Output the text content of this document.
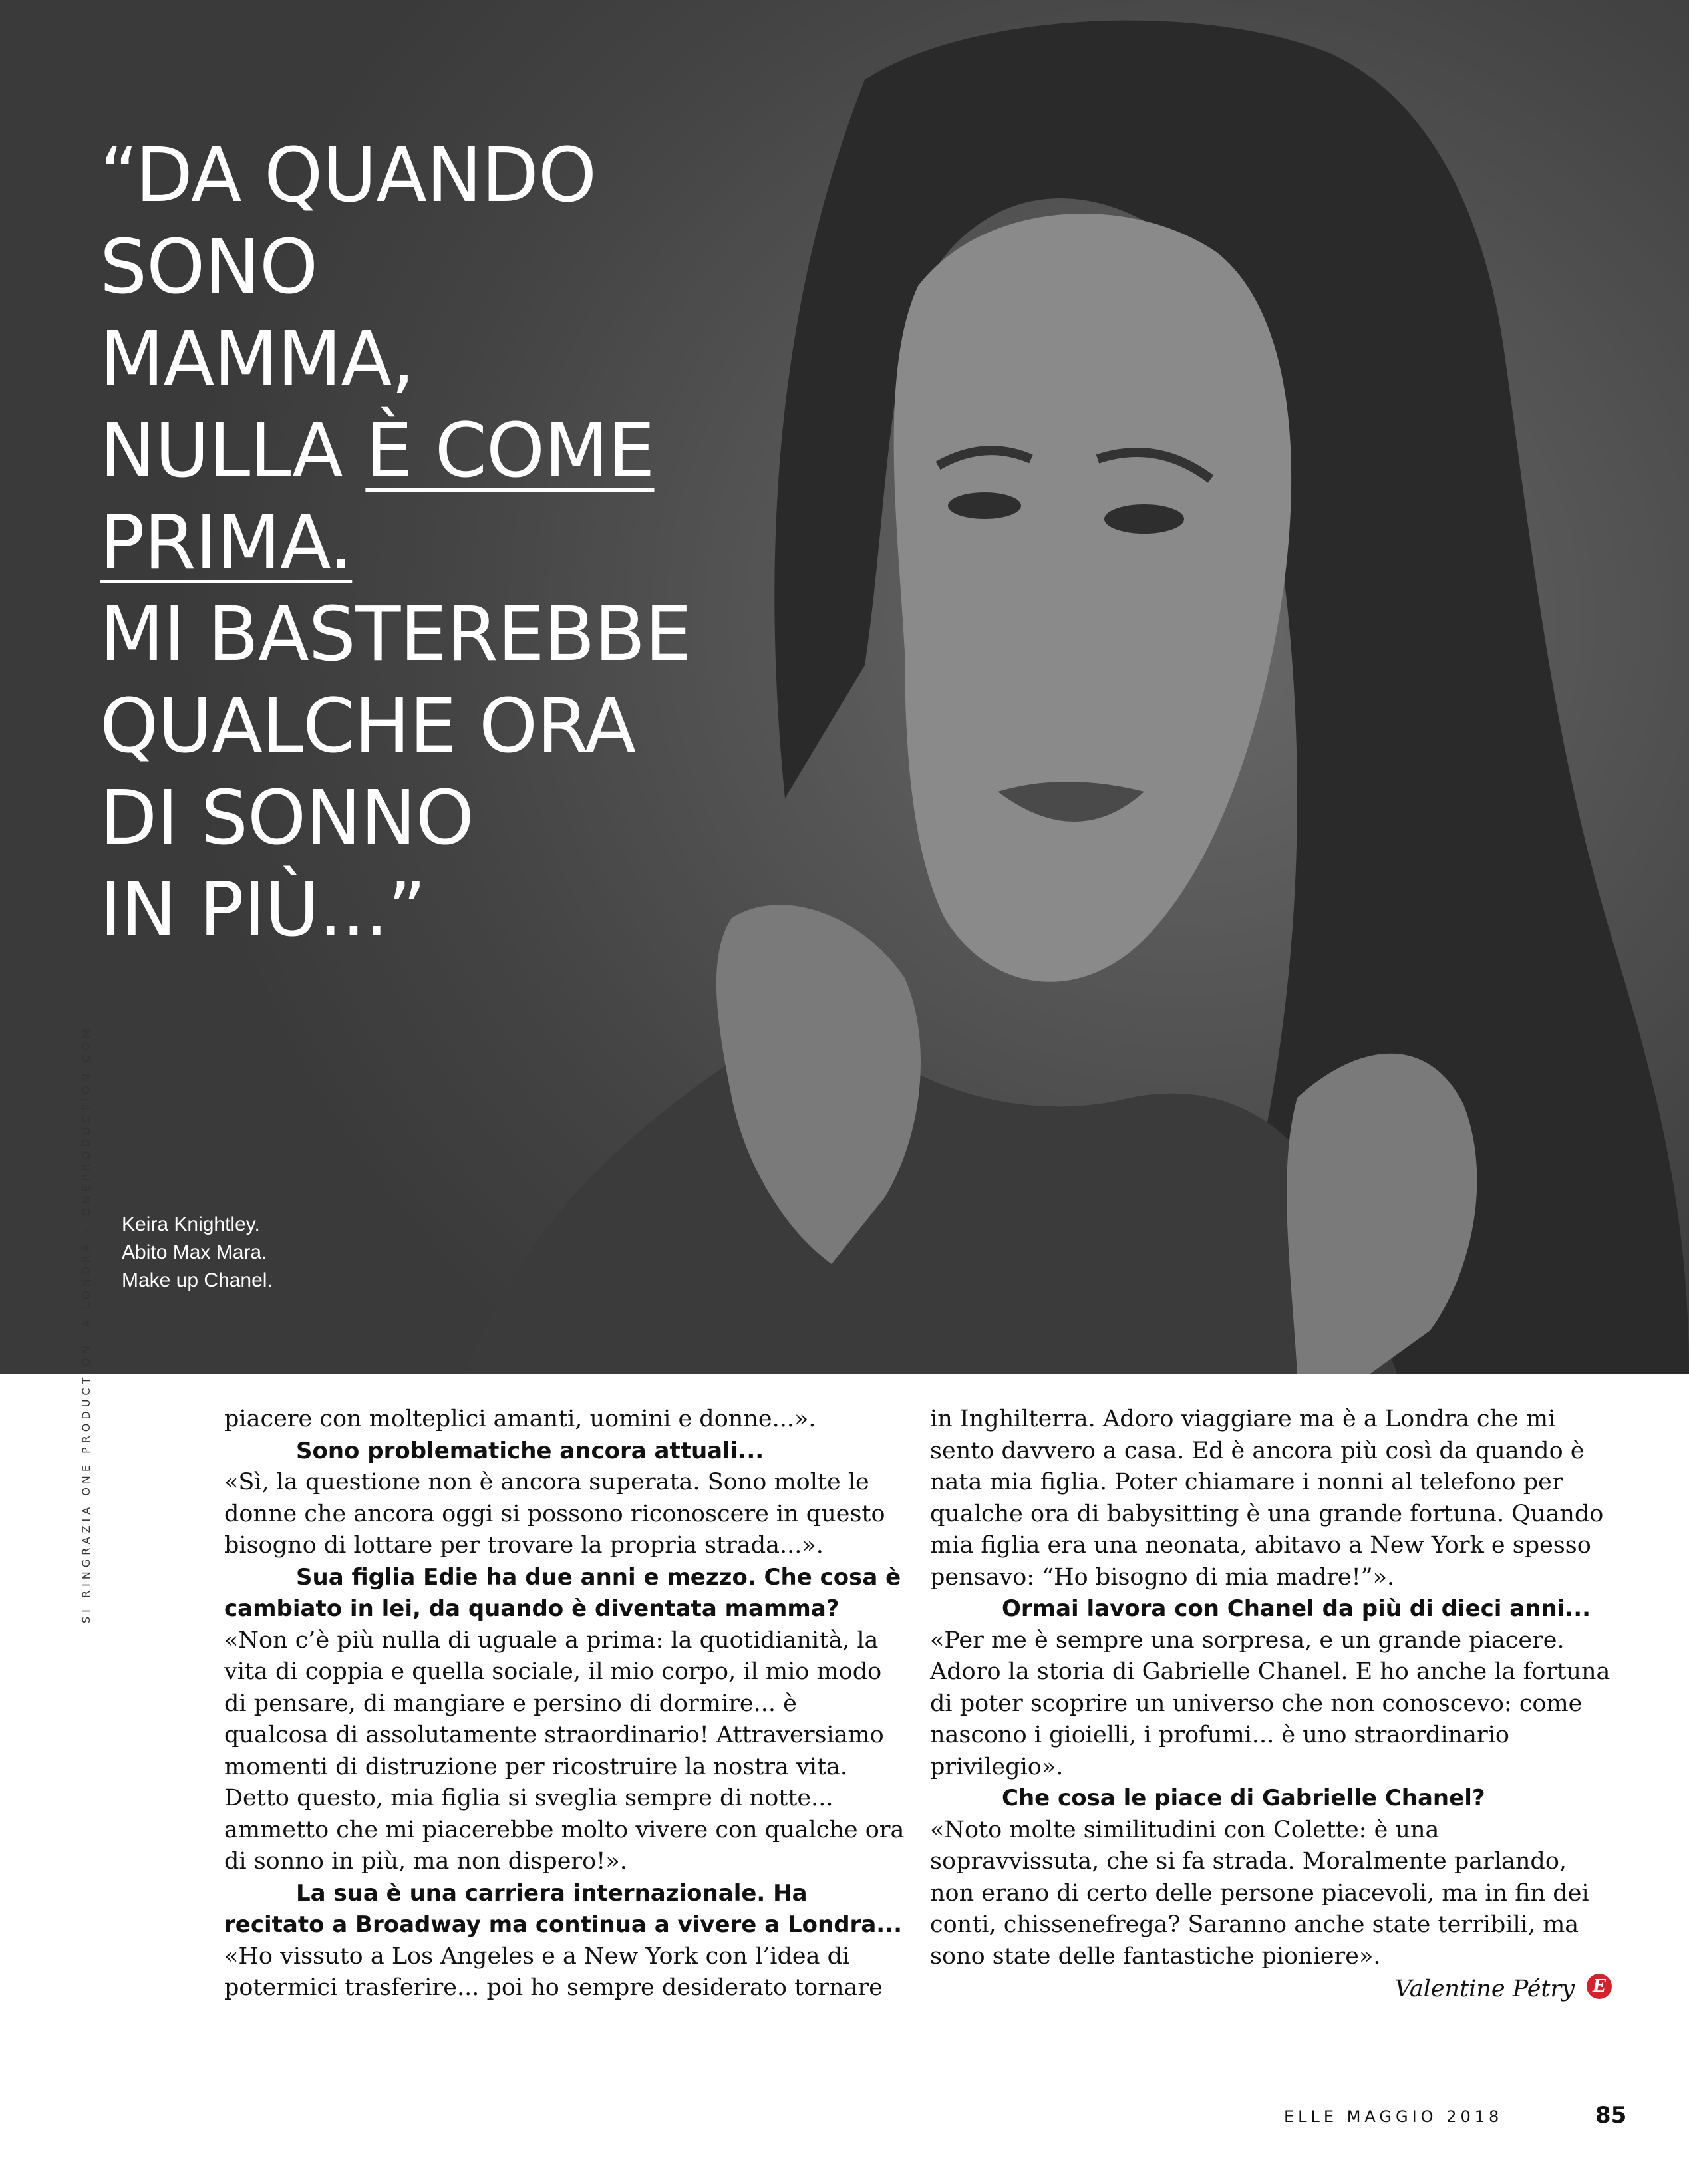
“DA QUANDO
SONO
MAMMA,
NULLA È COME
PRIMA.
MI BASTEREBBE
QUALCHE ORA
DI SONNO
IN PIÙ...”
Keira Knightley.
Abito Max Mara.
Make up Chanel.
SI RINGRAZIA ONE PRODUCTION, A LONDRA – ONEPRODUCTION.COM	piacere con molteplici amanti, uomini e donne...».

Sono problematiche ancora attuali...

«Sì, la questione non è ancora superata. Sono molte le donne che ancora oggi si possono riconoscere in questo bisogno di lottare per trovare la propria strada...».

Sua figlia Edie ha due anni e mezzo. Che cosa è cambiato in lei, da quando è diventata mamma?

«Non c’è più nulla di uguale a prima: la quotidianità, la vita di coppia e quella sociale, il mio corpo, il mio modo di pensare, di mangiare e persino di dormire... è qualcosa di assolutamente straordinario! Attraversiamo momenti di distruzione per ricostruire la nostra vita. Detto questo, mia figlia si sveglia sempre di notte... ammetto che mi piacerebbe molto vivere con qualche ora di sonno in più, ma non dispero!».

La sua è una carriera internazionale. Ha recitato a Broadway ma continua a vivere a Londra...

«Ho vissuto a Los Angeles e a New York con l’idea di potermici trasferire... poi ho sempre desiderato tornare

in Inghilterra. Adoro viaggiare ma è a Londra che mi sento davvero a casa. Ed è ancora più così da quando è nata mia figlia. Poter chiamare i nonni al telefono per qualche ora di babysitting è una grande fortuna. Quando mia figlia era una neonata, abitavo a New York e spesso pensavo: “Ho bisogno di mia madre!”».

Ormai lavora con Chanel da più di dieci anni...

«Per me è sempre una sorpresa, e un grande piacere. Adoro la storia di Gabrielle Chanel. E ho anche la fortuna di poter scoprire un universo che non conoscevo: come nascono i gioielli, i profumi... è uno straordinario privilegio».

Che cosa le piace di Gabrielle Chanel?

«Noto molte similitudini con Colette: è una sopravvissuta, che si fa strada. Moralmente parlando, non erano di certo delle persone piacevoli, ma in fin dei conti, chissenefrega? Saranno anche state terribili, ma sono state delle fantastiche pioniere».

Valentine Pétry	E

ELLE MAGGIO 2018	85
